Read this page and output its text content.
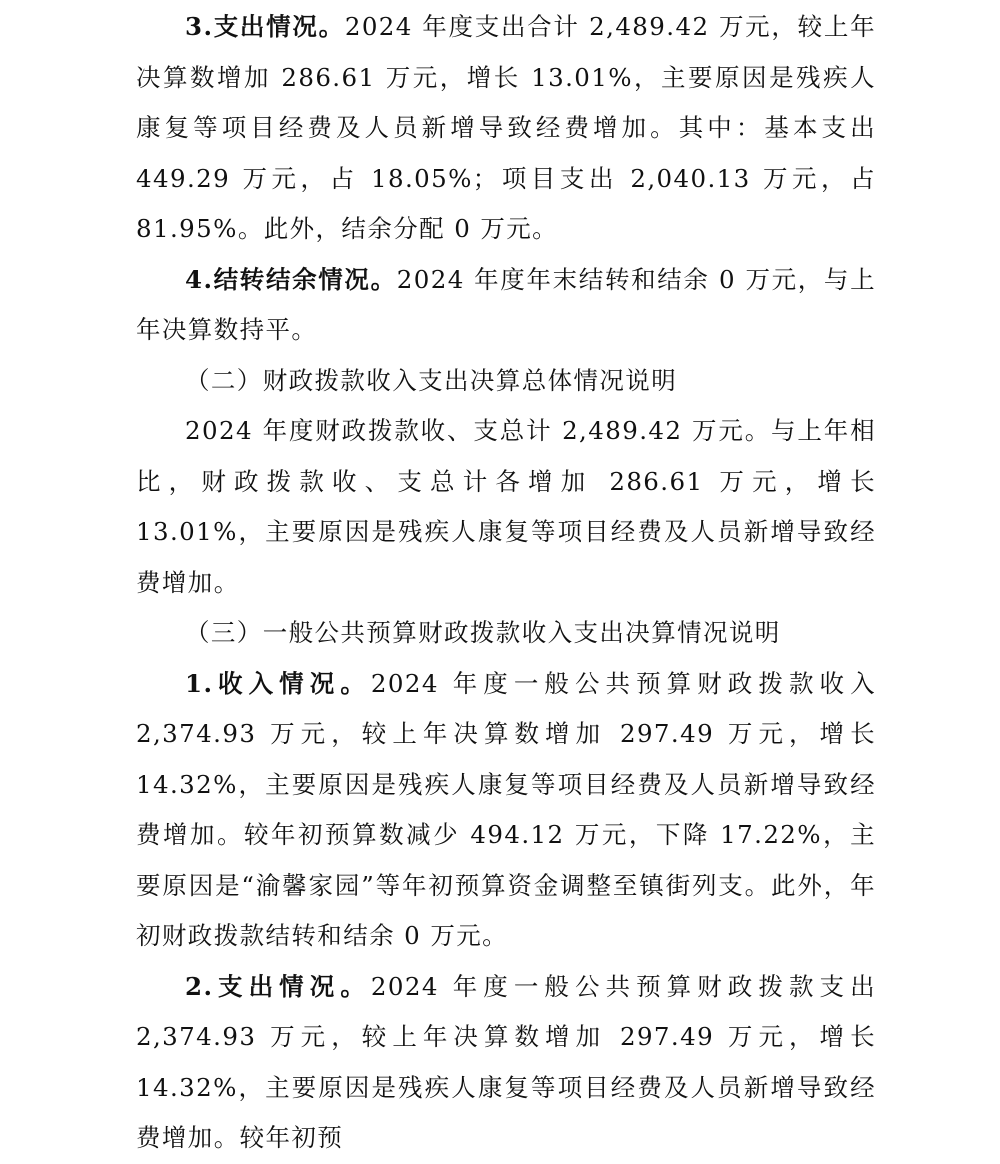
3.支出情况。2024 年度支出合计 2,489.42 万元，较上年决算数增加 286.61 万元，增长 13.01%，主要原因是残疾人康复等项目经费及人员新增导致经费增加。其中：基本支出 449.29 万元，占 18.05%；项目支出 2,040.13 万元，占 81.95%。此外，结余分配 0 万元。

4.结转结余情况。2024 年度年末结转和结余 0 万元，与上年决算数持平。

（二）财政拨款收入支出决算总体情况说明

2024 年度财政拨款收、支总计 2,489.42 万元。与上年相比，财政拨款收、支总计各增加 286.61 万元，增长 13.01%，主要原因是残疾人康复等项目经费及人员新增导致经费增加。

（三）一般公共预算财政拨款收入支出决算情况说明

1.收入情况。2024 年度一般公共预算财政拨款收入 2,374.93 万元，较上年决算数增加 297.49 万元，增长 14.32%，主要原因是残疾人康复等项目经费及人员新增导致经费增加。较年初预算数减少 494.12 万元，下降 17.22%，主要原因是“渝馨家园”等年初预算资金调整至镇街列支。此外，年初财政拨款结转和结余 0 万元。

2.支出情况。2024 年度一般公共预算财政拨款支出 2,374.93 万元，较上年决算数增加 297.49 万元，增长 14.32%，主要原因是残疾人康复等项目经费及人员新增导致经费增加。较年初预
